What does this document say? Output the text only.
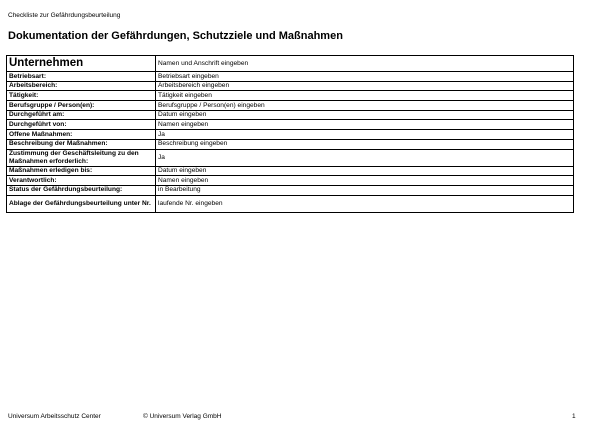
Checkliste zur Gefährdungsbeurteilung
Dokumentation der Gefährdungen, Schutzziele und Maßnahmen
Unternehmen	Namen und Anschrift eingeben
Betriebsart:	Betriebsart eingeben
Arbeitsbereich:	Arbeitsbereich eingeben
Tätigkeit:	Tätigkeit eingeben
Berufsgruppe / Person(en):	Berufsgruppe / Person(en) eingeben
Durchgeführt am:	Datum eingeben
Durchgeführt von:	Namen eingeben
Offene Maßnahmen:	Ja
Beschreibung der Maßnahmen:	Beschreibung eingeben
Zustimmung der Geschäftsleitung zu den Maßnahmen erforderlich:	Ja
Maßnahmen erledigen bis:	Datum eingeben
Verantwortlich:	Namen eingeben
Status der Gefährdungsbeurteilung:	in Bearbeitung
Ablage der Gefährdungsbeurteilung unter Nr.	laufende Nr. eingeben
Universum Arbeitsschutz Center	© Universum Verlag GmbH	1
